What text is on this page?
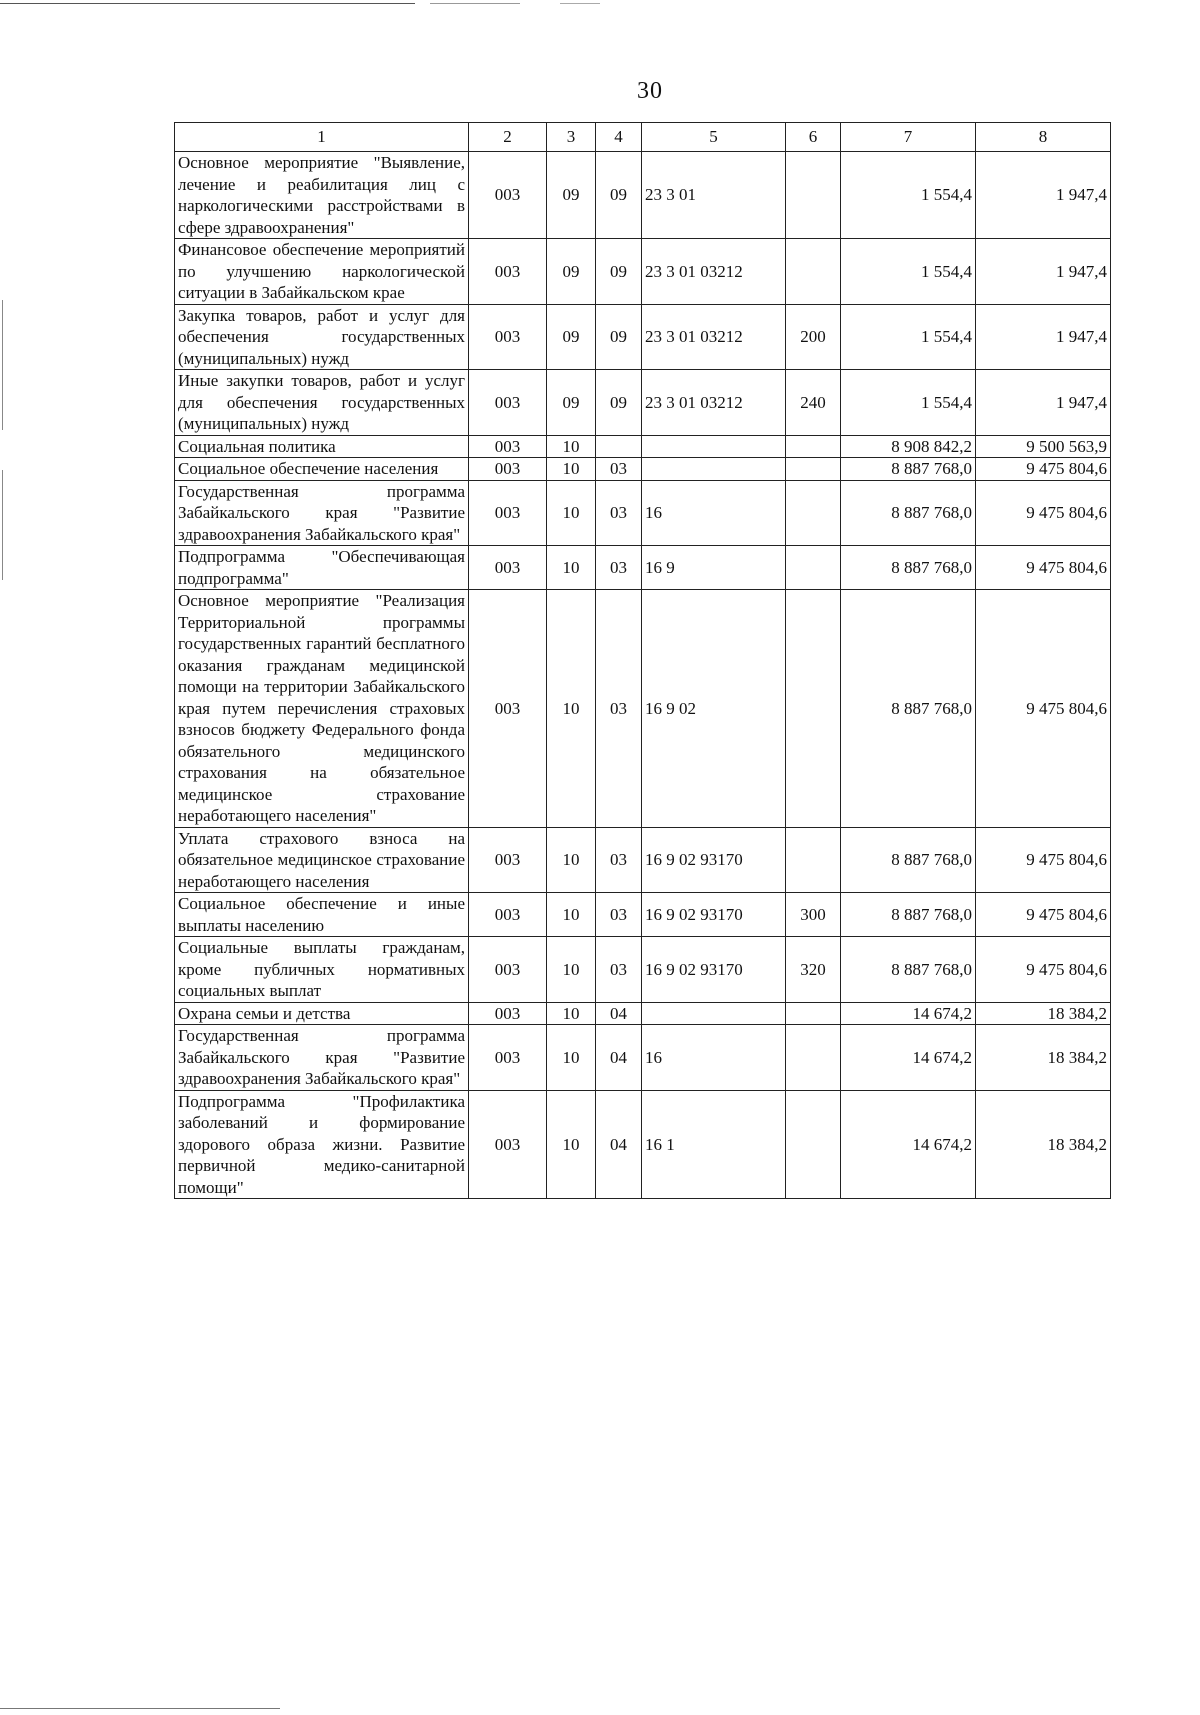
30
1	2	3	4	5	6	7	8
Основное мероприятие "Выявление, лечение и реабилитация лиц с наркологическими расстройствами в сфере здравоохранения"	003	09	09	23 3 01		1 554,4	1 947,4
Финансовое обеспечение мероприятий по улучшению наркологической ситуации в Забайкальском крае	003	09	09	23 3 01 03212		1 554,4	1 947,4
Закупка товаров, работ и услуг для обеспечения государственных (муниципальных) нужд	003	09	09	23 3 01 03212	200	1 554,4	1 947,4
Иные закупки товаров, работ и услуг для обеспечения государственных (муниципальных) нужд	003	09	09	23 3 01 03212	240	1 554,4	1 947,4
Социальная политика	003	10				8 908 842,2	9 500 563,9
Социальное обеспечение населения	003	10	03			8 887 768,0	9 475 804,6
Государственная программа Забайкальского края "Развитие здравоохранения Забайкальского края"	003	10	03	16		8 887 768,0	9 475 804,6
Подпрограмма "Обеспечивающая подпрограмма"	003	10	03	16 9		8 887 768,0	9 475 804,6
Основное мероприятие "Реализация Территориальной программы государственных гарантий бесплатного оказания гражданам медицинской помощи на территории Забайкальского края путем перечисления страховых взносов бюджету Федерального фонда обязательного медицинского страхования на обязательное медицинское страхование неработающего населения"	003	10	03	16 9 02		8 887 768,0	9 475 804,6
Уплата страхового взноса на обязательное медицинское страхование неработающего населения	003	10	03	16 9 02 93170		8 887 768,0	9 475 804,6
Социальное обеспечение и иные выплаты населению	003	10	03	16 9 02 93170	300	8 887 768,0	9 475 804,6
Социальные выплаты гражданам, кроме публичных нормативных социальных выплат	003	10	03	16 9 02 93170	320	8 887 768,0	9 475 804,6
Охрана семьи и детства	003	10	04			14 674,2	18 384,2
Государственная программа Забайкальского края "Развитие здравоохранения Забайкальского края"	003	10	04	16		14 674,2	18 384,2
Подпрограмма "Профилактика заболеваний и формирование здорового образа жизни. Развитие первичной медико-санитарной помощи"	003	10	04	16 1		14 674,2	18 384,2
